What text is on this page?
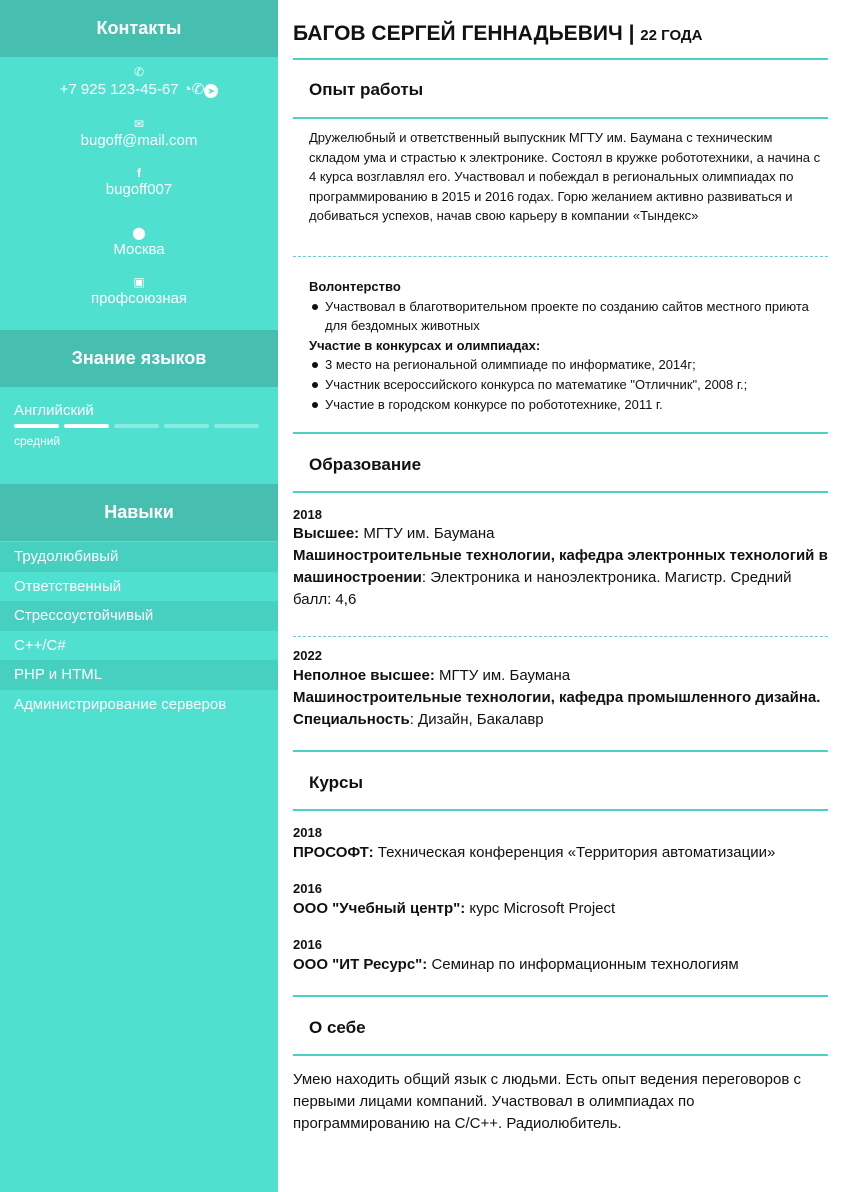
Контакты
✆
+7 925 123-45-67 ◔✆ ➤
✉
bugoff@mail.com
f
bugoff007
⬤
Москва
▣
профсоюзная
Знание языков
Английский
средний
Навыки
Трудолюбивый
Ответственный
Стрессоустойчивый
C++/C#
PHP и HTML
Администрирование серверов
БАГОВ СЕРГЕЙ ГЕННАДЬЕВИЧ | 22 ГОДА
Опыт работы
Дружелюбный и ответственный выпускник МГТУ им. Баумана с техническим складом ума и страстью к электронике. Состоял в кружке робототехники, а начина с 4 курса возглавлял его. Участвовал и побеждал в региональных олимпиадах по программированию в 2015 и 2016 годах. Горю желанием активно развиваться и добиваться успехов, начав свою карьеру в компании «Тындекс»
Волонтерство
Участвовал в благотворительном проекте по созданию сайтов местного приюта для бездомных животных
Участие в конкурсах и олимпиадах:
3 место на региональной олимпиаде по информатике, 2014г;
Участник всероссийского конкурса по математике "Отличник", 2008 г.;
Участие в городском конкурсе по робототехнике, 2011 г.
Образование
2018
Высшее: МГТУ им. Баумана
Машиностроительные технологии, кафедра электронных технологий в машиностроении: Электроника и наноэлектроника. Магистр. Средний балл: 4,6
2022
Неполное высшее: МГТУ им. Баумана
Машиностроительные технологии, кафедра промышленного дизайна. Специальность: Дизайн, Бакалавр
Курсы
2018
ПРОСОФТ: Техническая конференция «Территория автоматизации»
2016
ООО "Учебный центр": курс Microsoft Project
2016
ООО "ИТ Ресурс": Семинар по информационным технологиям
О себе
Умею находить общий язык с людьми. Есть опыт ведения переговоров с первыми лицами компаний. Участвовал в олимпиадах по программированию на С/С++. Радиолюбитель.
